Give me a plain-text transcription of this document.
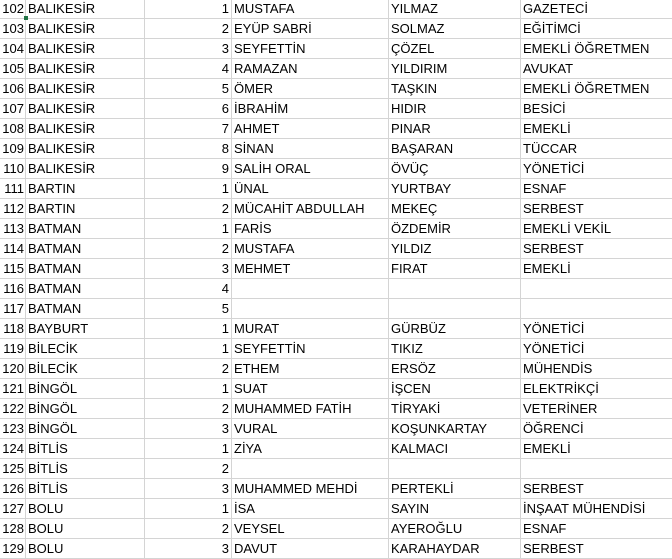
102 BALIKESİR	1 MUSTAFA	YILMAZ	GAZETECİ
103 BALIKESİR	2 EYÜP SABRİ	SOLMAZ	EĞİTİMCİ
104 BALIKESİR	3 SEYFETTİN	ÇÖZEL	EMEKLİ ÖĞRETMEN
105 BALIKESİR	4 RAMAZAN	YILDIRIM	AVUKAT
106 BALIKESİR	5 ÖMER	TAŞKIN	EMEKLİ ÖĞRETMEN
107 BALIKESİR	6 İBRAHİM	HIDIR	BESİCİ
108 BALIKESİR	7 AHMET	PINAR	EMEKLİ
109 BALIKESİR	8 SİNAN	BAŞARAN	TÜCCAR
110 BALIKESİR	9 SALİH ORAL	ÖVÜÇ	YÖNETİCİ
111 BARTIN	1 ÜNAL	YURTBAY	ESNAF
112 BARTIN	2 MÜCAHİT ABDULLAH	MEKEÇ	SERBEST
113 BATMAN	1 FARİS	ÖZDEMİR	EMEKLİ VEKİL
114 BATMAN	2 MUSTAFA	YILDIZ	SERBEST
115 BATMAN	3 MEHMET	FIRAT	EMEKLİ
116 BATMAN	4
117 BATMAN	5
118 BAYBURT	1 MURAT	GÜRBÜZ	YÖNETİCİ
119 BİLECİK	1 SEYFETTİN	TIKIZ	YÖNETİCİ
120 BİLECİK	2 ETHEM	ERSÖZ	MÜHENDİS
121 BİNGÖL	1 SUAT	İŞCEN	ELEKTRİKÇİ
122 BİNGÖL	2 MUHAMMED FATİH	TİRYAKİ	VETERİNER
123 BİNGÖL	3 VURAL	KOŞUNKARTAY	ÖĞRENCİ
124 BİTLİS	1 ZİYA	KALMACI	EMEKLİ
125 BİTLİS	2
126 BİTLİS	3 MUHAMMED MEHDİ	PERTEKLİ	SERBEST
127 BOLU	1 İSA	SAYIN	İNŞAAT MÜHENDİSİ
128 BOLU	2 VEYSEL	AYEROĞLU	ESNAF
129 BOLU	3 DAVUT	KARAHAYDAR	SERBEST
